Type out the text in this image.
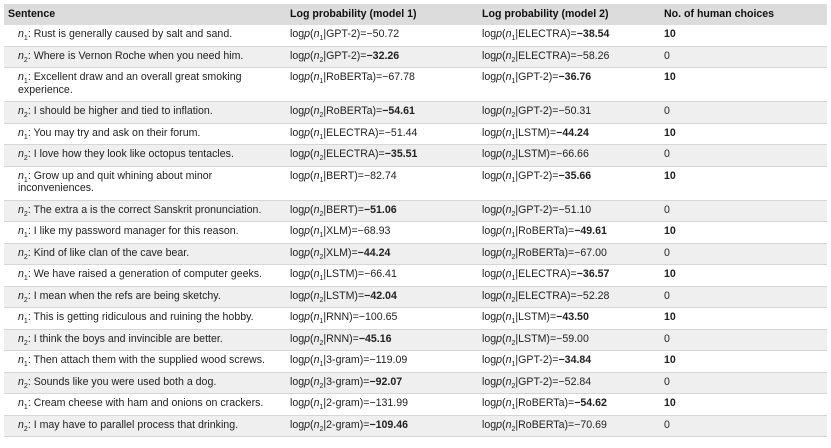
Sentence	Log probability (model 1)	Log probability (model 2)	No. of human choices
$n_1$: Rust is generally caused by salt and sand.	$\log p(n_1|GPT-2)=-50.72$	$\log p(n_1|ELECTRA)=-38.54$	10
$n_2$: Where is Vernon Roche when you need him.	$\log p(n_2|GPT-2)=-32.26$	$\log p(n_2|ELECTRA)=-58.26$	0
$n_1$: Excellent draw and an overall great smoking experience.	$\log p(n_1|RoBERTa)=-67.78$	$\log p(n_1|GPT-2)=-36.76$	10
$n_2$: I should be higher and tied to inflation.	$\log p(n_2|RoBERTa)=-54.61$	$\log p(n_2|GPT-2)=-50.31$	0
$n_1$: You may try and ask on their forum.	$\log p(n_1|ELECTRA)=-51.44$	$\log p(n_1|LSTM)=-44.24$	10
$n_2$: I love how they look like octopus tentacles.	$\log p(n_2|ELECTRA)=-35.51$	$\log p(n_2|LSTM)=-66.66$	0
$n_1$: Grow up and quit whining about minor inconveniences.	$\log p(n_1|BERT)=-82.74$	$\log p(n_1|GPT-2)=-35.66$	10
$n_2$: The extra a is the correct Sanskrit pronunciation.	$\log p(n_2|BERT)=-51.06$	$\log p(n_2|GPT-2)=-51.10$	0
$n_1$: I like my password manager for this reason.	$\log p(n_1|XLM)=-68.93$	$\log p(n_1|RoBERTa)=-49.61$	10
$n_2$: Kind of like clan of the cave bear.	$\log p(n_2|XLM)=-44.24$	$\log p(n_2|RoBERTa)=-67.00$	0
$n_1$: We have raised a generation of computer geeks.	$\log p(n_1|LSTM)=-66.41$	$\log p(n_1|ELECTRA)=-36.57$	10
$n_2$: I mean when the refs are being sketchy.	$\log p(n_2|LSTM)=-42.04$	$\log p(n_2|ELECTRA)=-52.28$	0
$n_1$: This is getting ridiculous and ruining the hobby.	$\log p(n_1|RNN)=-100.65$	$\log p(n_1|LSTM)=-43.50$	10
$n_2$: I think the boys and invincible are better.	$\log p(n_2|RNN)=-45.16$	$\log p(n_2|LSTM)=-59.00$	0
$n_1$: Then attach them with the supplied wood screws.	$\log p(n_1|3-gram)=-119.09$	$\log p(n_1|GPT-2)=-34.84$	10
$n_2$: Sounds like you were used both a dog.	$\log p(n_2|3-gram)=-92.07$	$\log p(n_2|GPT-2)=-52.84$	0
$n_1$: Cream cheese with ham and onions on crackers.	$\log p(n_1|2-gram)=-131.99$	$\log p(n_1|RoBERTa)=-54.62$	10
$n_2$: I may have to parallel process that drinking.	$\log p(n_2|2-gram)=-109.46$	$\log p(n_2|RoBERTa)=-70.69$	0
